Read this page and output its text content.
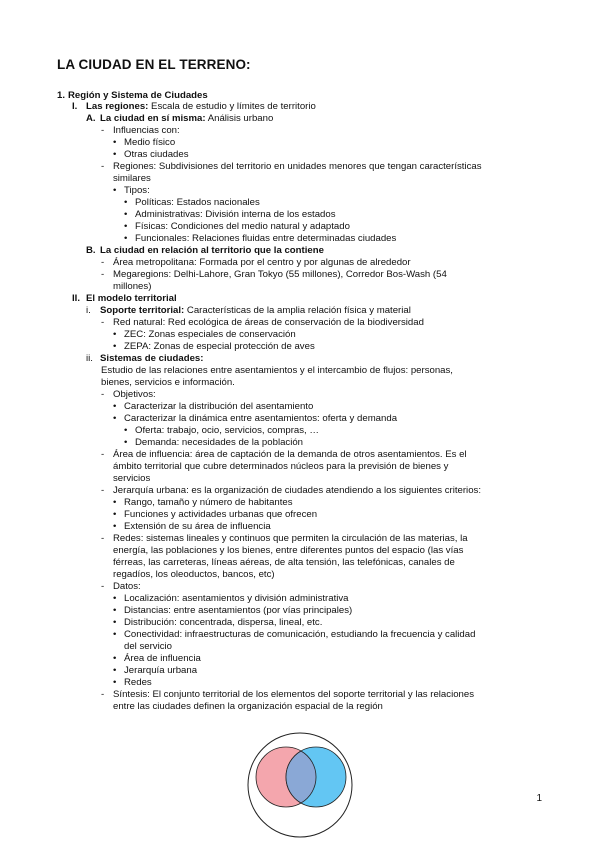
LA CIUDAD EN EL TERRENO:
1. Región y Sistema de Ciudades
I. Las regiones: Escala de estudio y límites de territorio
A. La ciudad en sí misma: Análisis urbano
- Influencias con:
• Medio físico
• Otras ciudades
- Regiones: Subdivisiones del territorio en unidades menores que tengan características
similares
• Tipos:
• Políticas: Estados nacionales
• Administrativas: División interna de los estados
• Físicas: Condiciones del medio natural y adaptado
• Funcionales: Relaciones fluidas entre determinadas ciudades
B. La ciudad en relación al territorio que la contiene
- Área metropolitana: Formada por el centro y por algunas de alrededor
- Megaregions: Delhi-Lahore, Gran Tokyo (55 millones), Corredor Bos-Wash (54
millones)
II. El modelo territorial
i. Soporte territorial: Características de la amplia relación física y material
- Red natural: Red ecológica de áreas de conservación de la biodiversidad
• ZEC: Zonas especiales de conservación
• ZEPA: Zonas de especial protección de aves
ii. Sistemas de ciudades:
Estudio de las relaciones entre asentamientos y el intercambio de flujos: personas,
bienes, servicios e información.
- Objetivos:
• Caracterizar la distribución del asentamiento
• Caracterizar la dinámica entre asentamientos: oferta y demanda
• Oferta: trabajo, ocio, servicios, compras, …
• Demanda: necesidades de la población
- Área de influencia: área de captación de la demanda de otros asentamientos. Es el
ámbito territorial que cubre determinados núcleos para la previsión de bienes y
servicios
- Jerarquía urbana: es la organización de ciudades atendiendo a los siguientes criterios:
• Rango, tamaño y número de habitantes
• Funciones y actividades urbanas que ofrecen
• Extensión de su área de influencia
- Redes: sistemas lineales y continuos que permiten la circulación de las materias, la
energía, las poblaciones y los bienes, entre diferentes puntos del espacio (las vías
férreas, las carreteras, líneas aéreas, de alta tensión, las telefónicas, canales de
regadíos, los oleoductos, bancos, etc)
- Datos:
• Localización: asentamientos y división administrativa
• Distancias: entre asentamientos (por vías principales)
• Distribución: concentrada, dispersa, lineal, etc.
• Conectividad: infraestructuras de comunicación, estudiando la frecuencia y calidad
del servicio
• Área de influencia
• Jerarquía urbana
• Redes
- Síntesis: El conjunto territorial de los elementos del soporte territorial y las relaciones
entre las ciudades definen la organización espacial de la región
1
